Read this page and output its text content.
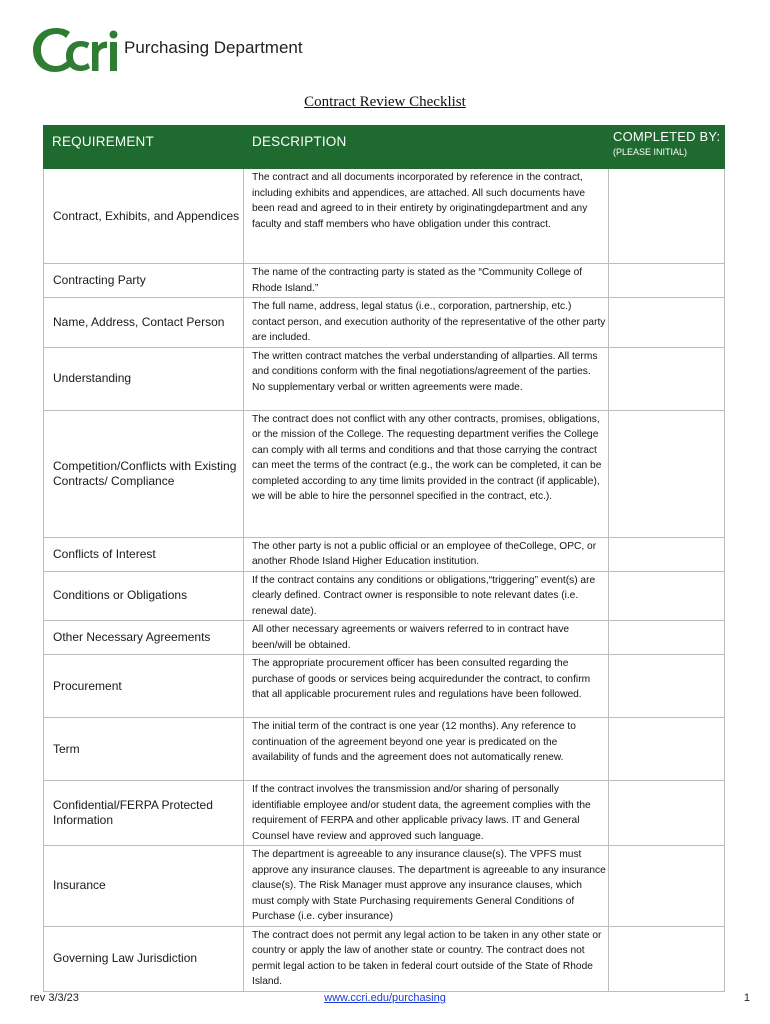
Purchasing Department
Contract Review Checklist
REQUIREMENT	DESCRIPTION	COMPLETED BY:
(PLEASE INITIAL)

Contract, Exhibits, and Appendices	The contract and all documents incorporated by reference in the contract, including exhibits and appendices, are attached. All such documents have been read and agreed to in their entirety by originatingdepartment and any faculty and staff members who have obligation under this contract.	
Contracting Party	The name of the contracting party is stated as the “Community College of Rhode Island.”	
Name, Address, Contact Person	The full name, address, legal status (i.e., corporation, partnership, etc.) contact person, and execution authority of the representative of the other party are included.	
Understanding	The written contract matches the verbal understanding of allparties. All terms and conditions conform with the final negotiations/agreement of the parties. No supplementary verbal or written agreements were made.	
Competition/Conflicts with Existing Contracts/ Compliance	The contract does not conflict with any other contracts, promises, obligations, or the mission of the College. The requesting department verifies the College can comply with all terms and conditions and that those carrying the contract can meet the terms of the contract (e.g., the work can be completed, it can be completed according to any time limits provided in the contract (if applicable), we will be able to hire the personnel specified in the contract, etc.).	
Conflicts of Interest	The other party is not a public official or an employee of theCollege, OPC, or another Rhode Island Higher Education institution.	
Conditions or Obligations	If the contract contains any conditions or obligations,“triggering” event(s) are clearly defined. Contract owner is responsible to note relevant dates (i.e. renewal date).	
Other Necessary Agreements	All other necessary agreements or waivers referred to in contract have been/will be obtained.	
Procurement	The appropriate procurement officer has been consulted regarding the purchase of goods or services being acquiredunder the contract, to confirm that all applicable procurement rules and regulations have been followed.	
Term	The initial term of the contract is one year (12 months). Any reference to continuation of the agreement beyond one year is predicated on the availability of funds and the agreement does not automatically renew.	
Confidential/FERPA Protected Information	If the contract involves the transmission and/or sharing of personally identifiable employee and/or student data, the agreement complies with the requirement of FERPA and other applicable privacy laws. IT and General Counsel have review and approved such language.	
Insurance	The department is agreeable to any insurance clause(s). The VPFS must approve any insurance clauses. The department is agreeable to any insurance clause(s). The Risk Manager must approve any insurance clauses, which must comply with State Purchasing requirements General Conditions of Purchase (i.e. cyber insurance)	
Governing Law Jurisdiction	The contract does not permit any legal action to be taken in any other state or country or apply the law of another state or country. The contract does not permit legal action to be taken in federal court outside of the State of Rhode Island.	
rev 3/3/23	www.ccri.edu/purchasing	1
